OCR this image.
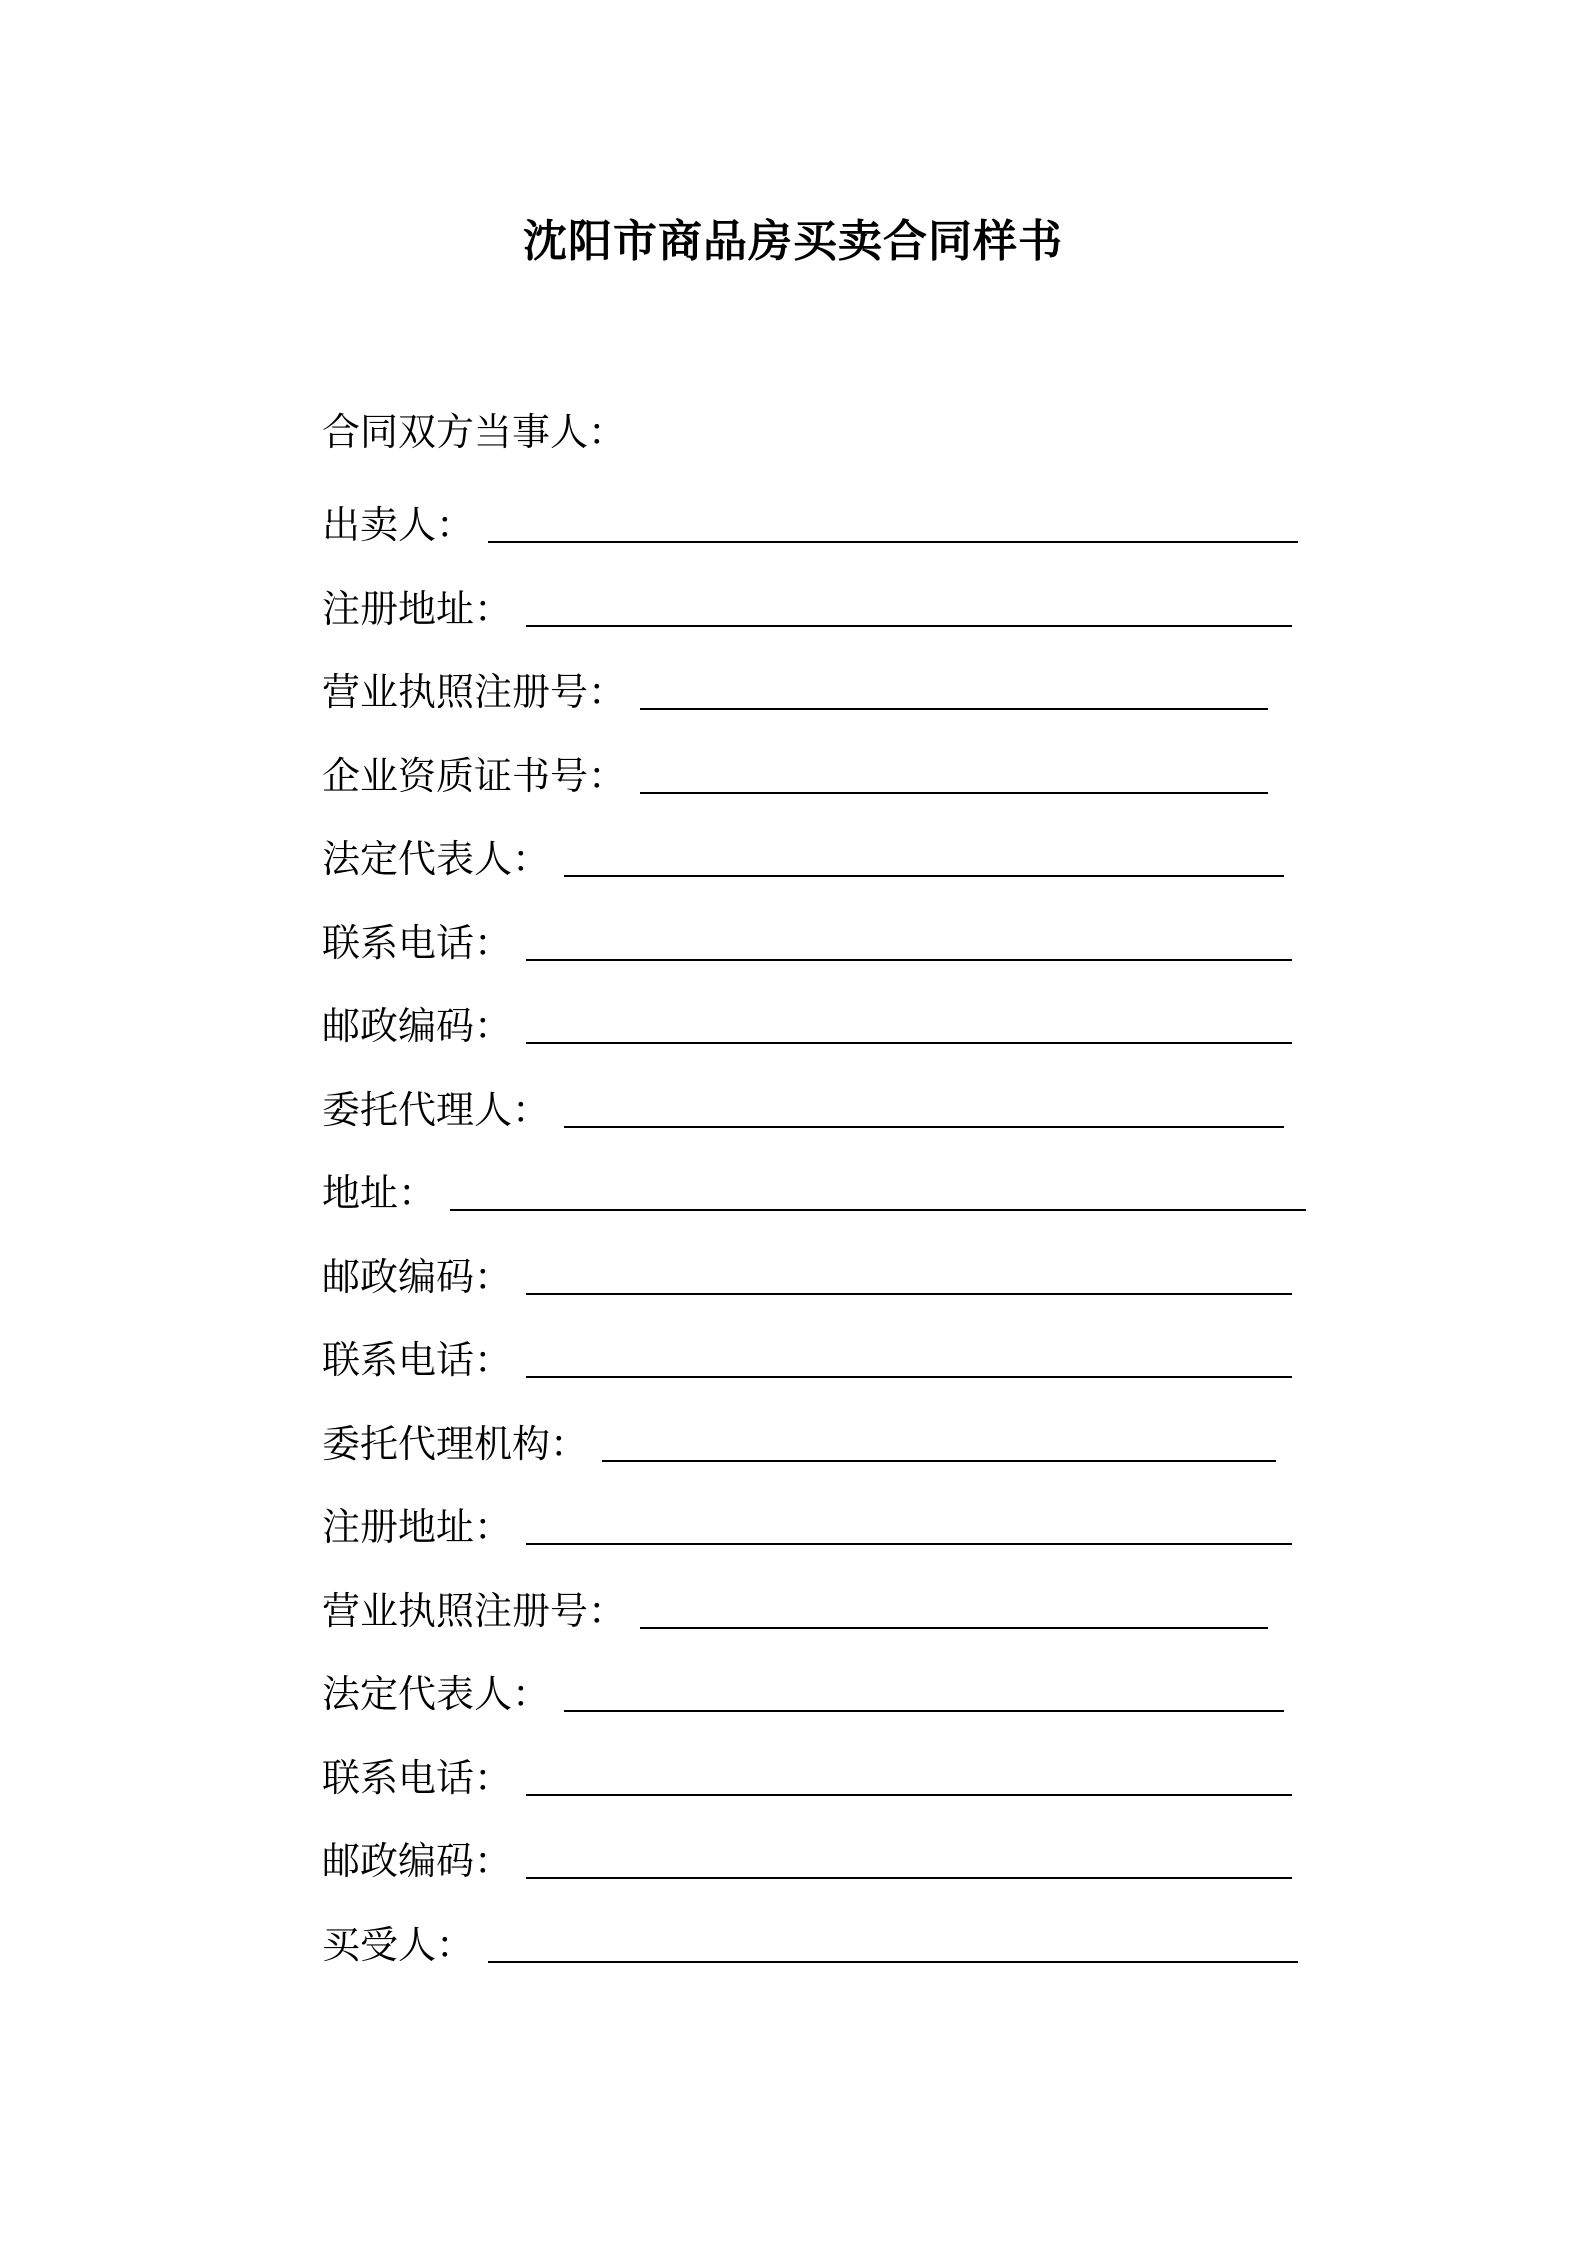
沈阳市商品房买卖合同样书
合同双方当事人：
出卖人：
注册地址：
营业执照注册号：
企业资质证书号：
法定代表人：
联系电话：
邮政编码：
委托代理人：
地址：
邮政编码：
联系电话：
委托代理机构：
注册地址：
营业执照注册号：
法定代表人：
联系电话：
邮政编码：
买受人：
